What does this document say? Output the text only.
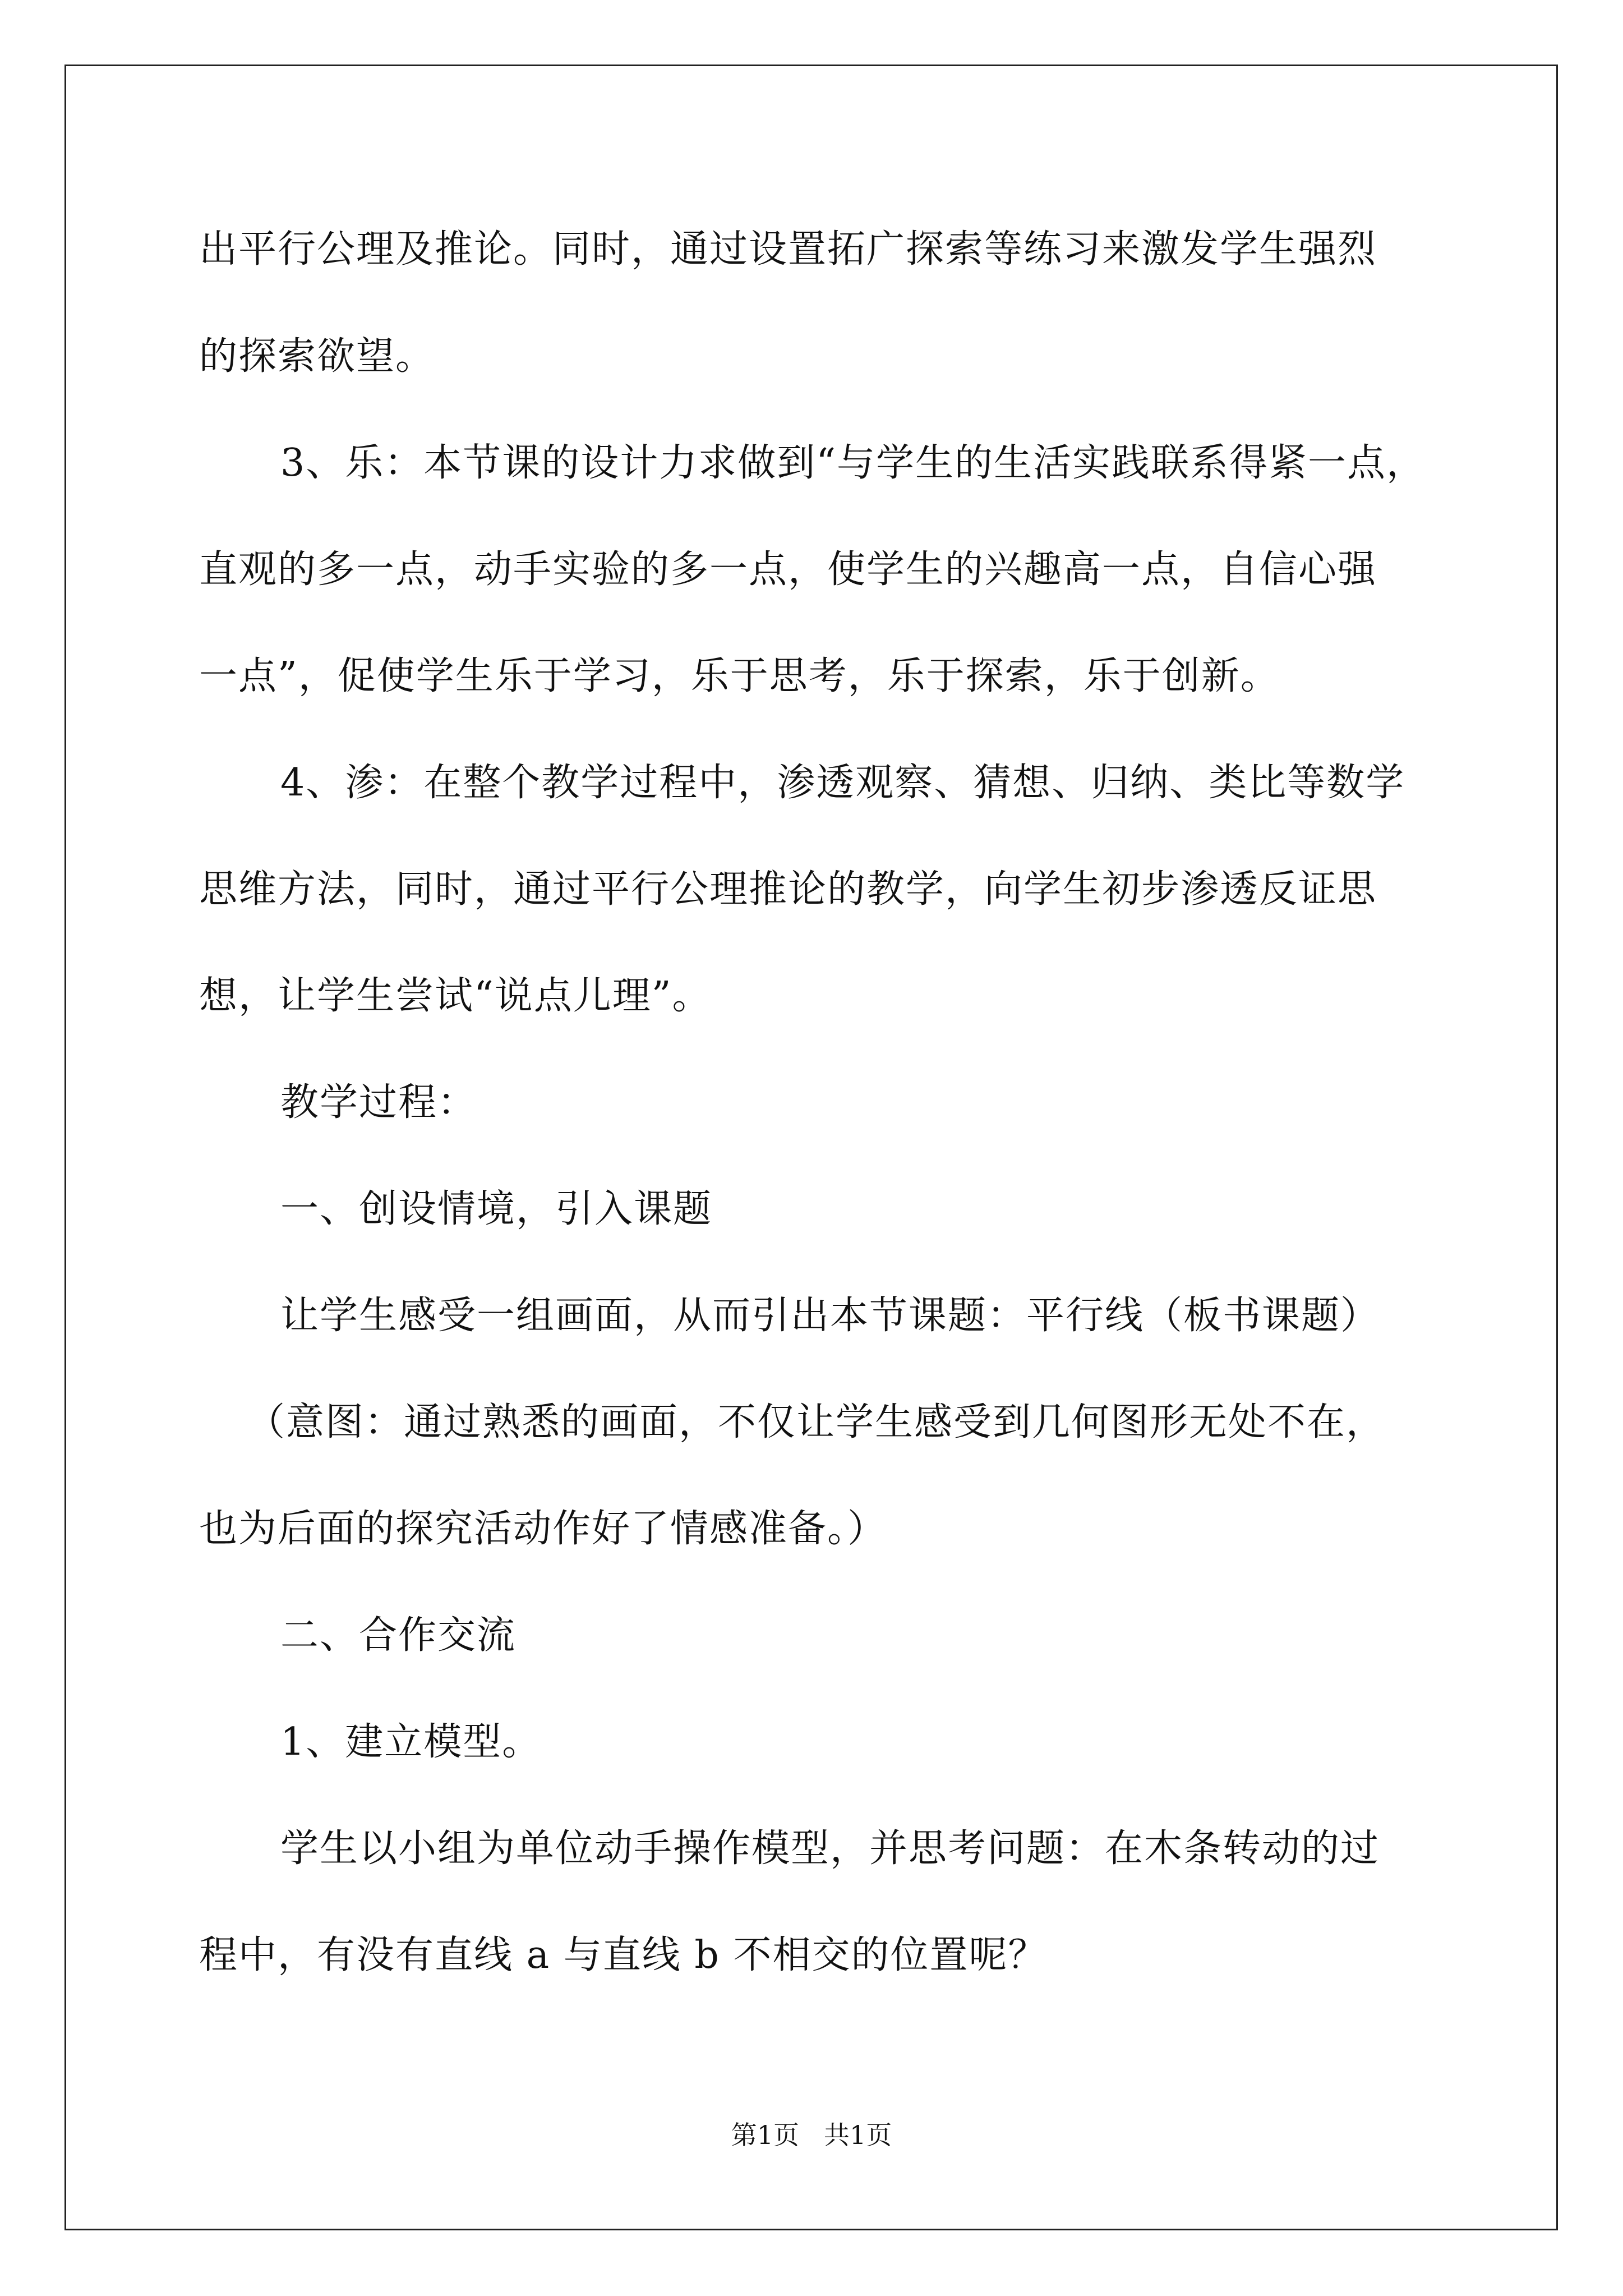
出平行公理及推论。同时，通过设置拓广探索等练习来激发学生强烈
的探索欲望。
3、乐：本节课的设计力求做到“与学生的生活实践联系得紧一点，
直观的多一点，动手实验的多一点，使学生的兴趣高一点，自信心强
一点”，促使学生乐于学习，乐于思考，乐于探索，乐于创新。
4、渗：在整个教学过程中，渗透观察、猜想、归纳、类比等数学
思维方法，同时，通过平行公理推论的教学，向学生初步渗透反证思
想，让学生尝试“说点儿理”。
教学过程：
一、创设情境，引入课题
让学生感受一组画面，从而引出本节课题：平行线（板书课题）
（意图：通过熟悉的画面，不仅让学生感受到几何图形无处不在，
也为后面的探究活动作好了情感准备。）
二、合作交流
1、建立模型。
学生以小组为单位动手操作模型，并思考问题：在木条转动的过
程中，有没有直线 a 与直线 b 不相交的位置呢？
第1页 共1页
